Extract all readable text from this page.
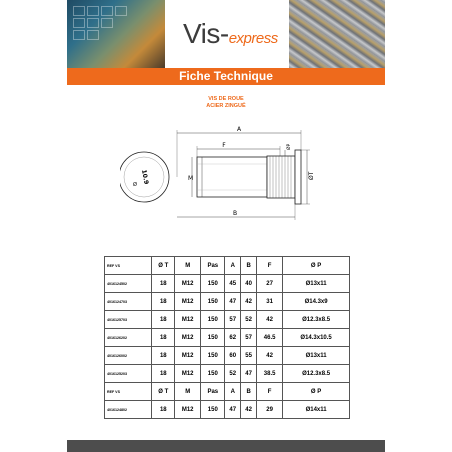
Vis-express
Fiche Technique
VIS DE ROUE
ACIER ZINGUÉ
10.9
Ø
A
F
B
M
ØP
ØT
REF VS	Ø T	M	Pas	A	B	F	Ø P
4016124502	18	M12	150	45	40	27	Ø13x11
4016124703	18	M12	150	47	42	31	Ø14.3x9
4016125703	18	M12	150	57	52	42	Ø12.3x8.5
4016126202	18	M12	150	62	57	46.5	Ø14.3x10.5
4016126002	18	M12	150	60	55	42	Ø13x11
4016125203	18	M12	150	52	47	38.5	Ø12.3x8.5
REF VS	Ø T	M	Pas	A	B	F	Ø P
4016124802	18	M12	150	47	42	29	Ø14x11
